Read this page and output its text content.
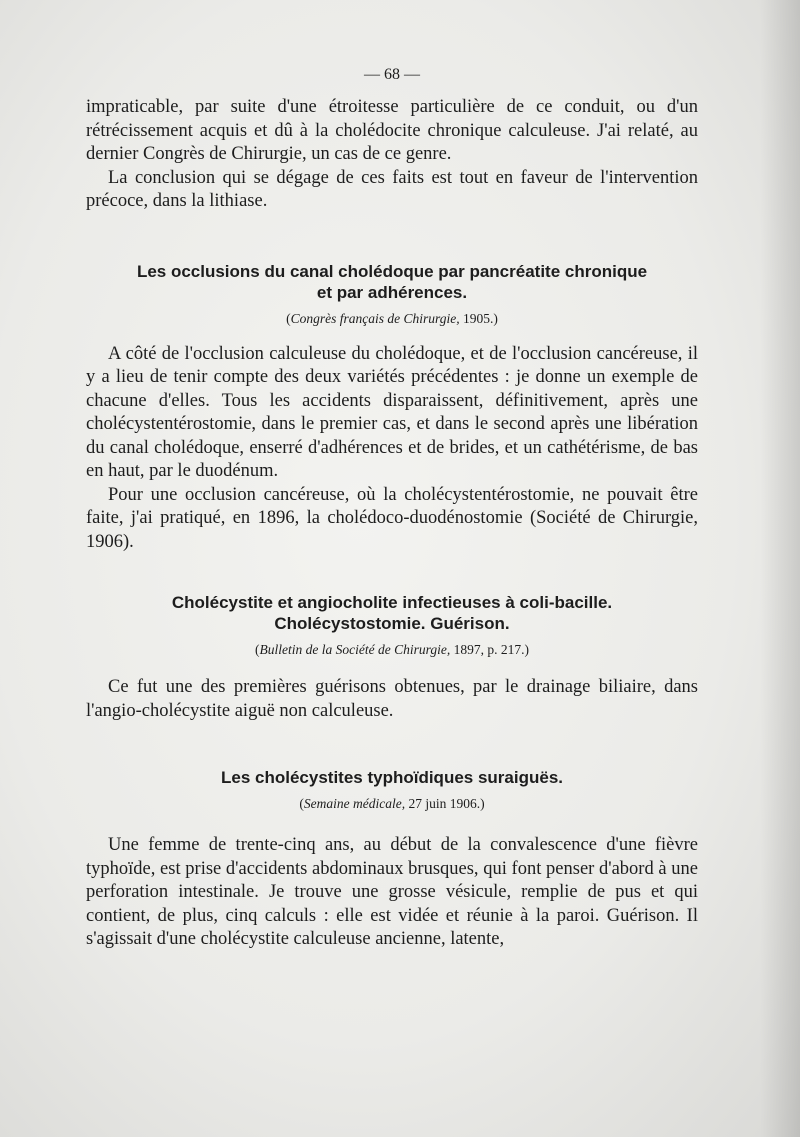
— 68 —

impraticable, par suite d'une étroitesse particulière de ce conduit, ou d'un rétrécissement acquis et dû à la cholédocite chronique calculeuse. J'ai relaté, au dernier Congrès de Chirurgie, un cas de ce genre.

La conclusion qui se dégage de ces faits est tout en faveur de l'intervention précoce, dans la lithiase.

Les occlusions du canal cholédoque par pancréatite chronique
et par adhérences.
(Congrès français de Chirurgie, 1905.)

A côté de l'occlusion calculeuse du cholédoque, et de l'occlusion cancéreuse, il y a lieu de tenir compte des deux variétés précédentes : je donne un exemple de chacune d'elles. Tous les accidents disparaissent, définitivement, après une cholécystentérostomie, dans le premier cas, et dans le second après une libération du canal cholédoque, enserré d'adhérences et de brides, et un cathétérisme, de bas en haut, par le duodénum.

Pour une occlusion cancéreuse, où la cholécystentérostomie, ne pouvait être faite, j'ai pratiqué, en 1896, la cholédoco-duodénostomie (Société de Chirurgie, 1906).

Cholécystite et angiocholite infectieuses à coli-bacille.
Cholécystostomie. Guérison.
(Bulletin de la Société de Chirurgie, 1897, p. 217.)

Ce fut une des premières guérisons obtenues, par le drainage biliaire, dans l'angio-cholécystite aiguë non calculeuse.

Les cholécystites typhoïdiques suraiguës.
(Semaine médicale, 27 juin 1906.)

Une femme de trente-cinq ans, au début de la convalescence d'une fièvre typhoïde, est prise d'accidents abdominaux brusques, qui font penser d'abord à une perforation intestinale. Je trouve une grosse vésicule, remplie de pus et qui contient, de plus, cinq calculs : elle est vidée et réunie à la paroi. Guérison. Il s'agissait d'une cholécystite calculeuse ancienne, latente,
